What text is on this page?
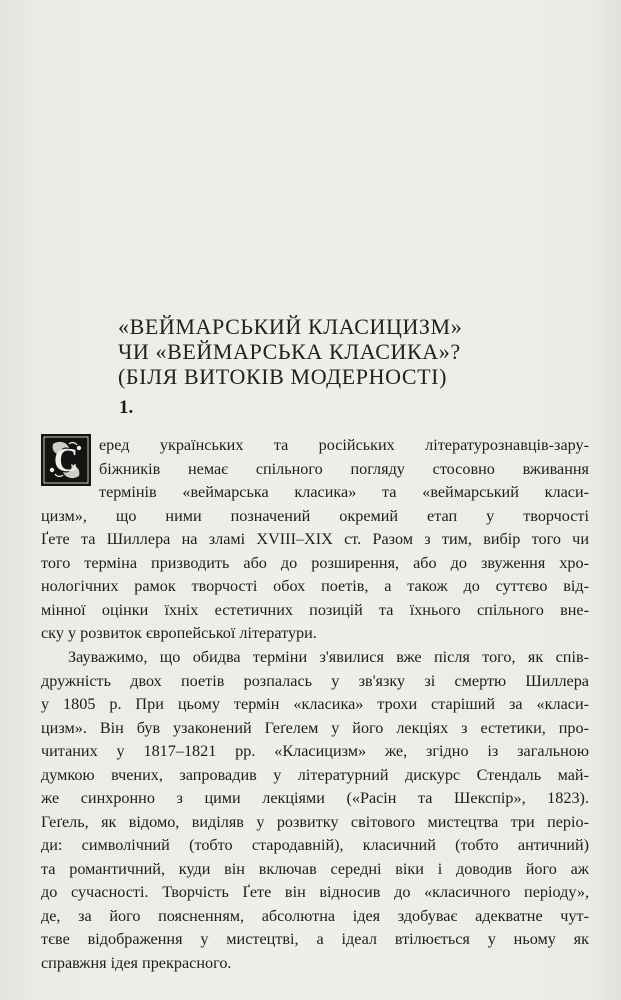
«ВЕЙМАРСЬКИЙ КЛАСИЦИЗМ»
ЧИ «ВЕЙМАРСЬКА КЛАСИКА»?
(БІЛЯ ВИТОКІВ МОДЕРНОСТІ)
1.
С	еред українських та російських літературознавців-зару-
біжників немає спільного погляду стосовно вживання
термінів «веймарська класика» та «веймарський класи-
цизм», що ними позначений окремий етап у творчості
Ґете та Шиллера на зламі XVIII–XIX ст. Разом з тим, вибір того чи
того терміна призводить або до розширення, або до звуження хро-
нологічних рамок творчості обох поетів, а також до суттєво від-
мінної оцінки їхніх естетичних позицій та їхнього спільного вне-
ску у розвиток європейської літератури.
Зауважимо, що обидва терміни з'явилися вже після того, як спів-
дружність двох поетів розпалась у зв'язку зі смертю Шиллера
у 1805 р. При цьому термін «класика» трохи старіший за «класи-
цизм». Він був узаконений Геґелем у його лекціях з естетики, про-
читаних у 1817–1821 рр. «Класицизм» же, згідно із загальною
думкою вчених, запровадив у літературний дискурс Стендаль май-
же синхронно з цими лекціями («Расін та Шекспір», 1823).
Геґель, як відомо, виділяв у розвитку світового мистецтва три періо-
ди: символічний (тобто стародавній), класичний (тобто античний)
та романтичний, куди він включав середні віки і доводив його аж
до сучасності. Творчість Ґете він відносив до «класичного періоду»,
де, за його поясненням, абсолютна ідея здобуває адекватне чут-
тєве відображення у мистецтві, а ідеал втілюється у ньому як
справжня ідея прекрасного.
